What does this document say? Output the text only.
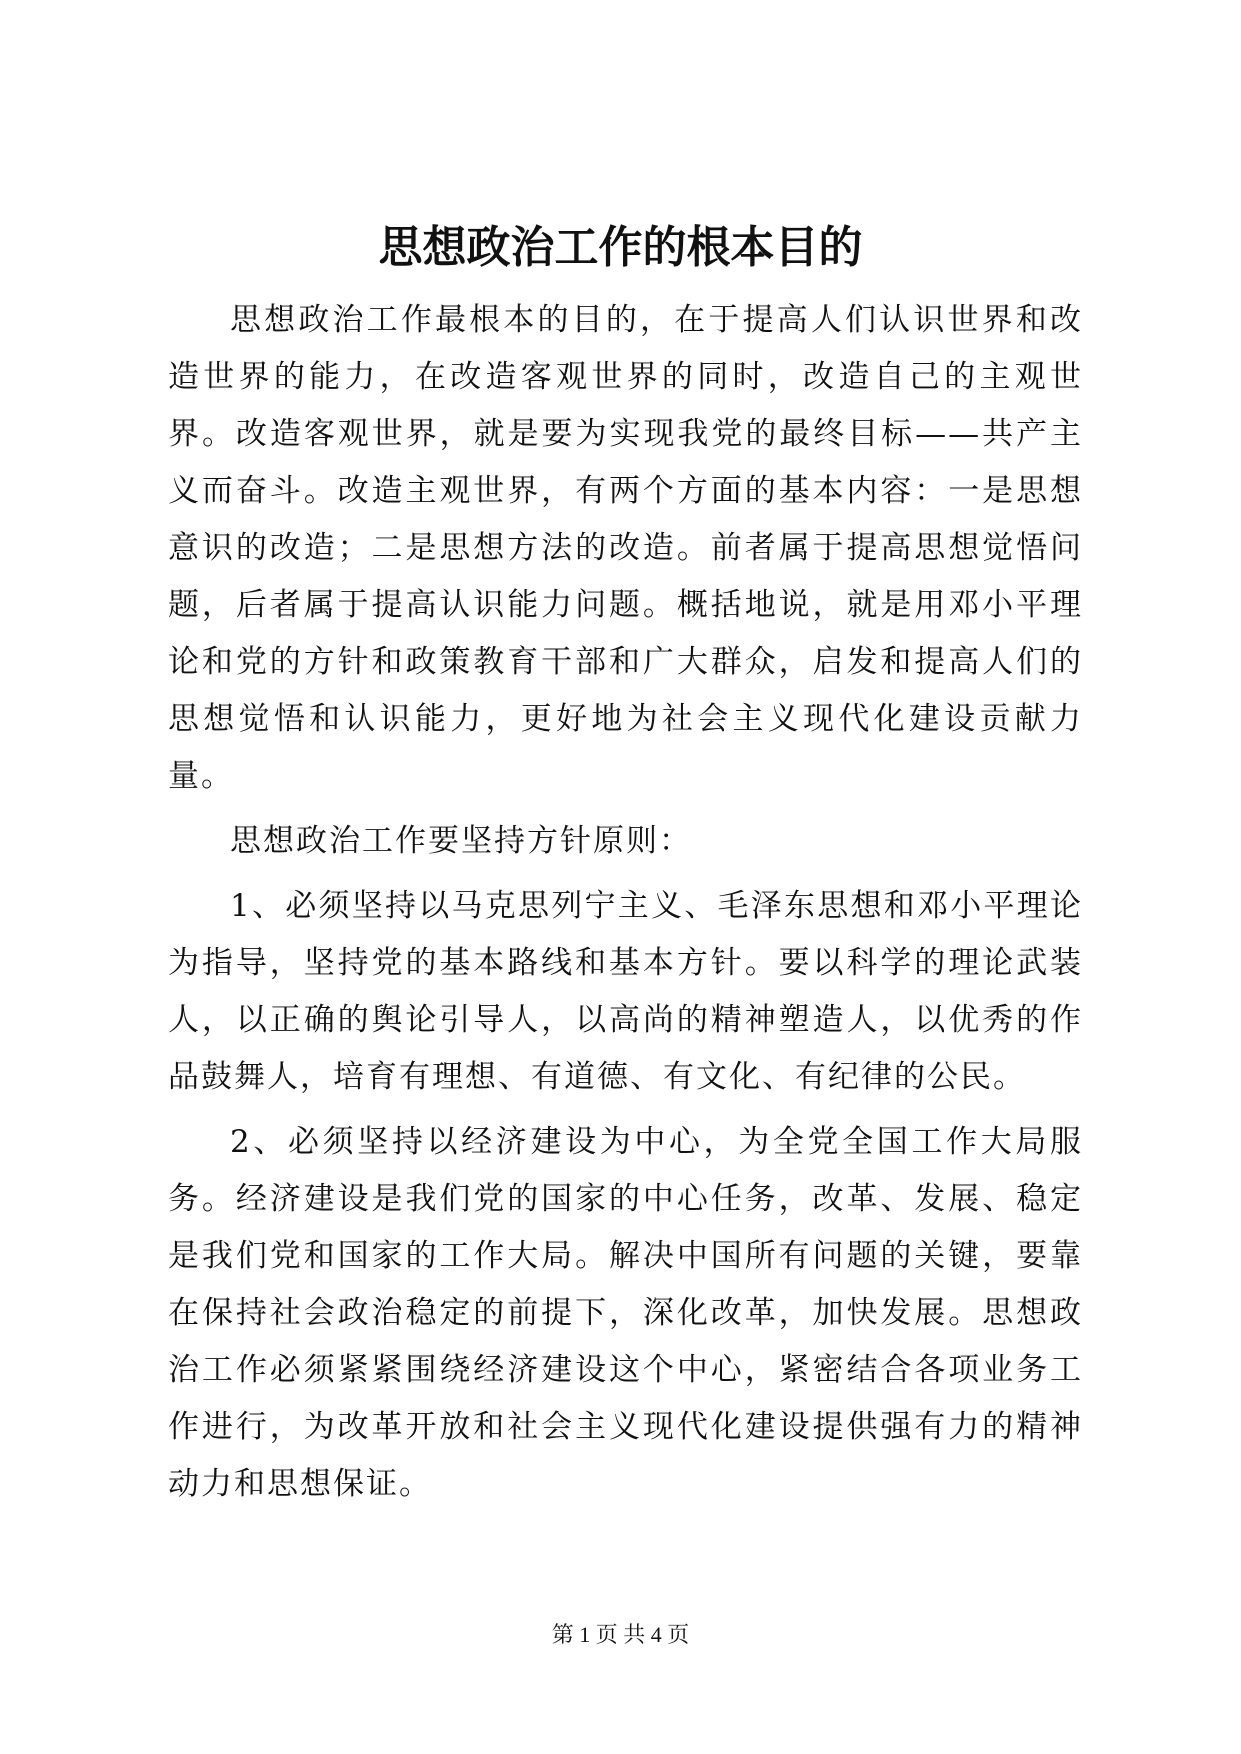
思想政治工作的根本目的

思想政治工作最根本的目的，在于提高人们认识世界和改造世界的能力，在改造客观世界的同时，改造自己的主观世界。改造客观世界，就是要为实现我党的最终目标——共产主义而奋斗。改造主观世界，有两个方面的基本内容：一是思想意识的改造；二是思想方法的改造。前者属于提高思想觉悟问题，后者属于提高认识能力问题。概括地说，就是用邓小平理论和党的方针和政策教育干部和广大群众，启发和提高人们的思想觉悟和认识能力，更好地为社会主义现代化建设贡献力量。

思想政治工作要坚持方针原则：

1、必须坚持以马克思列宁主义、毛泽东思想和邓小平理论为指导，坚持党的基本路线和基本方针。要以科学的理论武装人，以正确的舆论引导人，以高尚的精神塑造人，以优秀的作品鼓舞人，培育有理想、有道德、有文化、有纪律的公民。

2、必须坚持以经济建设为中心，为全党全国工作大局服务。经济建设是我们党的国家的中心任务，改革、发展、稳定是我们党和国家的工作大局。解决中国所有问题的关键，要靠在保持社会政治稳定的前提下，深化改革，加快发展。思想政治工作必须紧紧围绕经济建设这个中心，紧密结合各项业务工作进行，为改革开放和社会主义现代化建设提供强有力的精神动力和思想保证。

第 1 页 共 4 页
